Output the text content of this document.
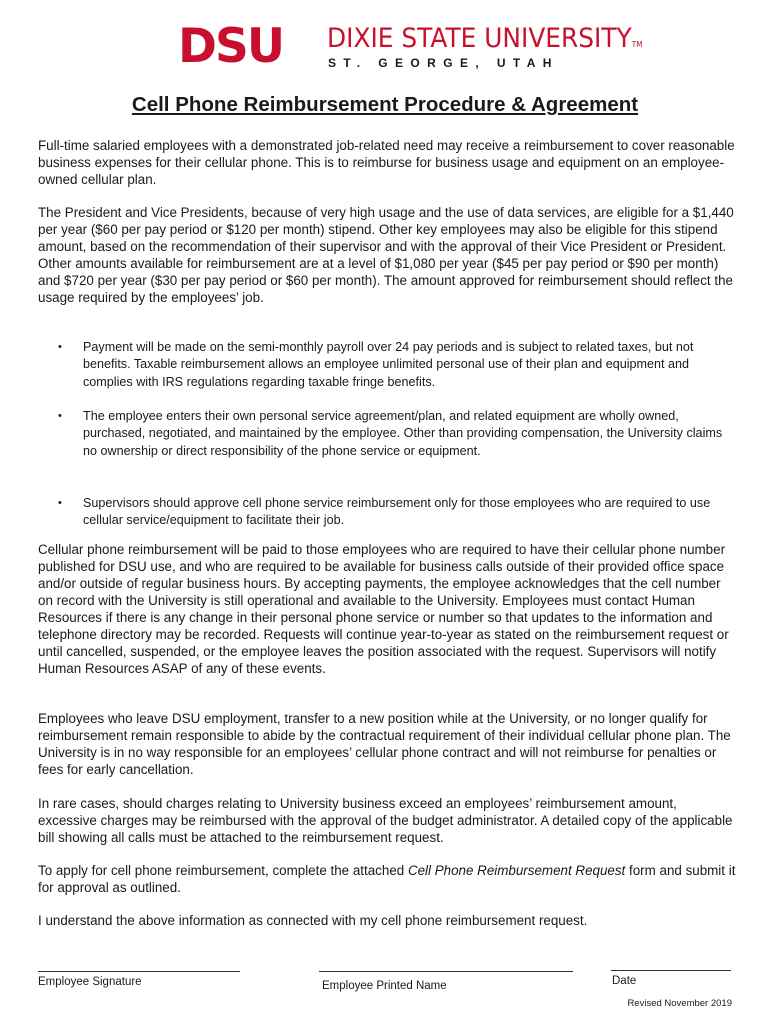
DSU DIXIE STATE UNIVERSITYTM
ST. GEORGE, UTAH
Cell Phone Reimbursement Procedure & Agreement

Full-time salaried employees with a demonstrated job-related need may receive a reimbursement to cover reasonable business expenses for their cellular phone. This is to reimburse for business usage and equipment on an employee-owned cellular plan.

The President and Vice Presidents, because of very high usage and the use of data services, are eligible for a $1,440 per year ($60 per pay period or $120 per month) stipend. Other key employees may also be eligible for this stipend amount, based on the recommendation of their supervisor and with the approval of their Vice President or President. Other amounts available for reimbursement are at a level of $1,080 per year ($45 per pay period or $90 per month) and $720 per year ($30 per pay period or $60 per month). The amount approved for reimbursement should reflect the usage required by the employees’ job.

• Payment will be made on the semi-monthly payroll over 24 pay periods and is subject to related taxes, but not benefits. Taxable reimbursement allows an employee unlimited personal use of their plan and equipment and complies with IRS regulations regarding taxable fringe benefits.
• The employee enters their own personal service agreement/plan, and related equipment are wholly owned, purchased, negotiated, and maintained by the employee. Other than providing compensation, the University claims no ownership or direct responsibility of the phone service or equipment.
• Supervisors should approve cell phone service reimbursement only for those employees who are required to use cellular service/equipment to facilitate their job.

Cellular phone reimbursement will be paid to those employees who are required to have their cellular phone number published for DSU use, and who are required to be available for business calls outside of their provided office space and/or outside of regular business hours. By accepting payments, the employee acknowledges that the cell number on record with the University is still operational and available to the University. Employees must contact Human Resources if there is any change in their personal phone service or number so that updates to the information and telephone directory may be recorded. Requests will continue year-to-year as stated on the reimbursement request or until cancelled, suspended, or the employee leaves the position associated with the request. Supervisors will notify Human Resources ASAP of any of these events.

Employees who leave DSU employment, transfer to a new position while at the University, or no longer qualify for reimbursement remain responsible to abide by the contractual requirement of their individual cellular phone plan. The University is in no way responsible for an employees’ cellular phone contract and will not reimburse for penalties or fees for early cancellation.

In rare cases, should charges relating to University business exceed an employees’ reimbursement amount, excessive charges may be reimbursed with the approval of the budget administrator. A detailed copy of the applicable bill showing all calls must be attached to the reimbursement request.

To apply for cell phone reimbursement, complete the attached Cell Phone Reimbursement Request form and submit it for approval as outlined.

I understand the above information as connected with my cell phone reimbursement request.

Employee Signature	Employee Printed Name	Date
Revised November 2019
